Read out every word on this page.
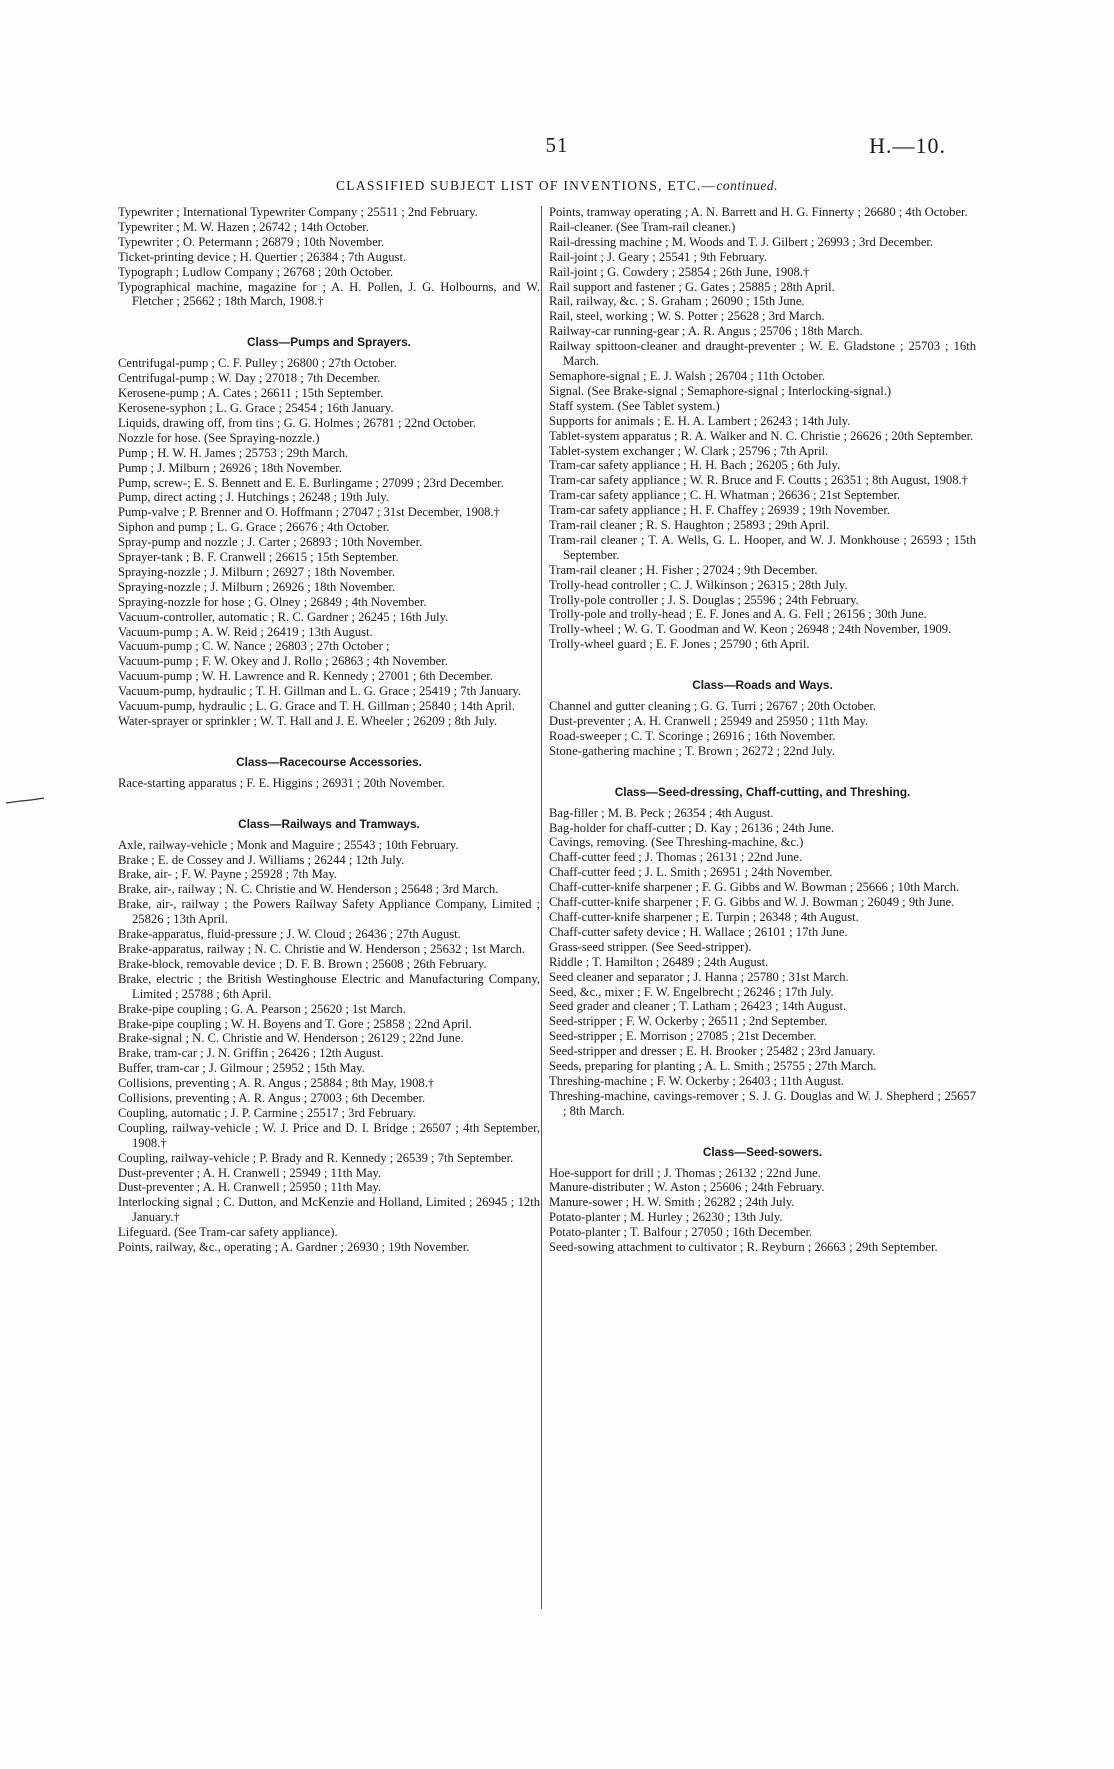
51	H.—10.
CLASSIFIED SUBJECT LIST OF INVENTIONS, ETC.—continued.
Typewriter ; International Typewriter Company ; 25511 ; 2nd February.
Typewriter ; M. W. Hazen ; 26742 ; 14th October.
Typewriter ; O. Petermann ; 26879 ; 10th November.
Ticket-printing device ; H. Quertier ; 26384 ; 7th August.
Typograph ; Ludlow Company ; 26768 ; 20th October.
Typographical machine, magazine for ; A. H. Pollen, J. G. Holbourns, and W. Fletcher ; 25662 ; 18th March, 1908.†
Class—Pumps and Sprayers.
Centrifugal-pump ; C. F. Pulley ; 26800 ; 27th October.
Centrifugal-pump ; W. Day ; 27018 ; 7th December.
Kerosene-pump ; A. Cates ; 26611 ; 15th September.
Kerosene-syphon ; L. G. Grace ; 25454 ; 16th January.
Liquids, drawing off, from tins ; G. G. Holmes ; 26781 ; 22nd October.
Nozzle for hose. (See Spraying-nozzle.)
Pump ; H. W. H. James ; 25753 ; 29th March.
Pump ; J. Milburn ; 26926 ; 18th November.
Pump, screw-; E. S. Bennett and E. E. Burlingame ; 27099 ; 23rd December.
Pump, direct acting ; J. Hutchings ; 26248 ; 19th July.
Pump-valve ; P. Brenner and O. Hoffmann ; 27047 ; 31st December, 1908.†
Siphon and pump ; L. G. Grace ; 26676 ; 4th October.
Spray-pump and nozzle ; J. Carter ; 26893 ; 10th November.
Sprayer-tank ; B. F. Cranwell ; 26615 ; 15th September.
Spraying-nozzle ; J. Milburn ; 26927 ; 18th November.
Spraying-nozzle ; J. Milburn ; 26926 ; 18th November.
Spraying-nozzle for hose ; G. Olney ; 26849 ; 4th November.
Vacuum-controller, automatic ; R. C. Gardner ; 26245 ; 16th July.
Vacuum-pump ; A. W. Reid ; 26419 ; 13th August.
Vacuum-pump ; C. W. Nance ; 26803 ; 27th October ;
Vacuum-pump ; F. W. Okey and J. Rollo ; 26863 ; 4th November.
Vacuum-pump ; W. H. Lawrence and R. Kennedy ; 27001 ; 6th December.
Vacuum-pump, hydraulic ; T. H. Gillman and L. G. Grace ; 25419 ; 7th January.
Vacuum-pump, hydraulic ; L. G. Grace and T. H. Gillman ; 25840 ; 14th April.
Water-sprayer or sprinkler ; W. T. Hall and J. E. Wheeler ; 26209 ; 8th July.
Class—Racecourse Accessories.
Race-starting apparatus ; F. E. Higgins ; 26931 ; 20th November.
Class—Railways and Tramways.
Axle, railway-vehicle ; Monk and Maguire ; 25543 ; 10th February.
Brake ; E. de Cossey and J. Williams ; 26244 ; 12th July.
Brake, air- ; F. W. Payne ; 25928 ; 7th May.
Brake, air-, railway ; N. C. Christie and W. Henderson ; 25648 ; 3rd March.
Brake, air-, railway ; the Powers Railway Safety Appliance Company, Limited ; 25826 ; 13th April.
Brake-apparatus, fluid-pressure ; J. W. Cloud ; 26436 ; 27th August.
Brake-apparatus, railway ; N. C. Christie and W. Henderson ; 25632 ; 1st March.
Brake-block, removable device ; D. F. B. Brown ; 25608 ; 26th February.
Brake, electric ; the British Westinghouse Electric and Manufacturing Company, Limited ; 25788 ; 6th April.
Brake-pipe coupling ; G. A. Pearson ; 25620 ; 1st March.
Brake-pipe coupling ; W. H. Boyens and T. Gore ; 25858 ; 22nd April.
Brake-signal ; N. C. Christie and W. Henderson ; 26129 ; 22nd June.
Brake, tram-car ; J. N. Griffin ; 26426 ; 12th August.
Buffer, tram-car ; J. Gilmour ; 25952 ; 15th May.
Collisions, preventing ; A. R. Angus ; 25884 ; 8th May, 1908.†
Collisions, preventing ; A. R. Angus ; 27003 ; 6th December.
Coupling, automatic ; J. P. Carmine ; 25517 ; 3rd February.
Coupling, railway-vehicle ; W. J. Price and D. I. Bridge ; 26507 ; 4th September, 1908.†
Coupling, railway-vehicle ; P. Brady and R. Kennedy ; 26539 ; 7th September.
Dust-preventer ; A. H. Cranwell ; 25949 ; 11th May.
Dust-preventer ; A. H. Cranwell ; 25950 ; 11th May.
Interlocking signal ; C. Dutton, and McKenzie and Holland, Limited ; 26945 ; 12th January.†
Lifeguard. (See Tram-car safety appliance).
Points, railway, &c., operating ; A. Gardner ; 26930 ; 19th November.
Points, tramway operating ; A. N. Barrett and H. G. Finnerty ; 26680 ; 4th October.
Rail-cleaner. (See Tram-rail cleaner.)
Rail-dressing machine ; M. Woods and T. J. Gilbert ; 26993 ; 3rd December.
Rail-joint ; J. Geary ; 25541 ; 9th February.
Rail-joint ; G. Cowdery ; 25854 ; 26th June, 1908.†
Rail support and fastener ; G. Gates ; 25885 ; 28th April.
Rail, railway, &c. ; S. Graham ; 26090 ; 15th June.
Rail, steel, working ; W. S. Potter ; 25628 ; 3rd March.
Railway-car running-gear ; A. R. Angus ; 25706 ; 18th March.
Railway spittoon-cleaner and draught-preventer ; W. E. Gladstone ; 25703 ; 16th March.
Semaphore-signal ; E. J. Walsh ; 26704 ; 11th October.
Signal. (See Brake-signal ; Semaphore-signal ; Interlocking-signal.)
Staff system. (See Tablet system.)
Supports for animals ; E. H. A. Lambert ; 26243 ; 14th July.
Tablet-system apparatus ; R. A. Walker and N. C. Christie ; 26626 ; 20th September.
Tablet-system exchanger ; W. Clark ; 25796 ; 7th April.
Tram-car safety appliance ; H. H. Bach ; 26205 ; 6th July.
Tram-car safety appliance ; W. R. Bruce and F. Coutts ; 26351 ; 8th August, 1908.†
Tram-car safety appliance ; C. H. Whatman ; 26636 ; 21st September.
Tram-car safety appliance ; H. F. Chaffey ; 26939 ; 19th November.
Tram-rail cleaner ; R. S. Haughton ; 25893 ; 29th April.
Tram-rail cleaner ; T. A. Wells, G. L. Hooper, and W. J. Monkhouse ; 26593 ; 15th September.
Tram-rail cleaner ; H. Fisher ; 27024 ; 9th December.
Trolly-head controller ; C. J. Wilkinson ; 26315 ; 28th July.
Trolly-pole controller ; J. S. Douglas ; 25596 ; 24th February.
Trolly-pole and trolly-head ; E. F. Jones and A. G. Fell ; 26156 ; 30th June.
Trolly-wheel ; W. G. T. Goodman and W. Keon ; 26948 ; 24th November, 1909.
Trolly-wheel guard ; E. F. Jones ; 25790 ; 6th April.
Class—Roads and Ways.
Channel and gutter cleaning ; G. G. Turri ; 26767 ; 20th October.
Dust-preventer ; A. H. Cranwell ; 25949 and 25950 ; 11th May.
Road-sweeper ; C. T. Scoringe ; 26916 ; 16th November.
Stone-gathering machine ; T. Brown ; 26272 ; 22nd July.
Class—Seed-dressing, Chaff-cutting, and Threshing.
Bag-filler ; M. B. Peck ; 26354 ; 4th August.
Bag-holder for chaff-cutter ; D. Kay ; 26136 ; 24th June.
Cavings, removing. (See Threshing-machine, &c.)
Chaff-cutter feed ; J. Thomas ; 26131 ; 22nd June.
Chaff-cutter feed ; J. L. Smith ; 26951 ; 24th November.
Chaff-cutter-knife sharpener ; F. G. Gibbs and W. Bowman ; 25666 ; 10th March.
Chaff-cutter-knife sharpener ; F. G. Gibbs and W. J. Bowman ; 26049 ; 9th June.
Chaff-cutter-knife sharpener ; E. Turpin ; 26348 ; 4th August.
Chaff-cutter safety device ; H. Wallace ; 26101 ; 17th June.
Grass-seed stripper. (See Seed-stripper).
Riddle ; T. Hamilton ; 26489 ; 24th August.
Seed cleaner and separator ; J. Hanna ; 25780 ; 31st March.
Seed, &c., mixer ; F. W. Engelbrecht ; 26246 ; 17th July.
Seed grader and cleaner ; T. Latham ; 26423 ; 14th August.
Seed-stripper ; F. W. Ockerby ; 26511 ; 2nd September.
Seed-stripper ; E. Morrison ; 27085 ; 21st December.
Seed-stripper and dresser ; E. H. Brooker ; 25482 ; 23rd January.
Seeds, preparing for planting ; A. L. Smith ; 25755 ; 27th March.
Threshing-machine ; F. W. Ockerby ; 26403 ; 11th August.
Threshing-machine, cavings-remover ; S. J. G. Douglas and W. J. Shepherd ; 25657 ; 8th March.
Class—Seed-sowers.
Hoe-support for drill ; J. Thomas ; 26132 ; 22nd June.
Manure-distributer ; W. Aston ; 25606 ; 24th February.
Manure-sower ; H. W. Smith ; 26282 ; 24th July.
Potato-planter ; M. Hurley ; 26230 ; 13th July.
Potato-planter ; T. Balfour ; 27050 ; 16th December.
Seed-sowing attachment to cultivator ; R. Reyburn ; 26663 ; 29th September.
